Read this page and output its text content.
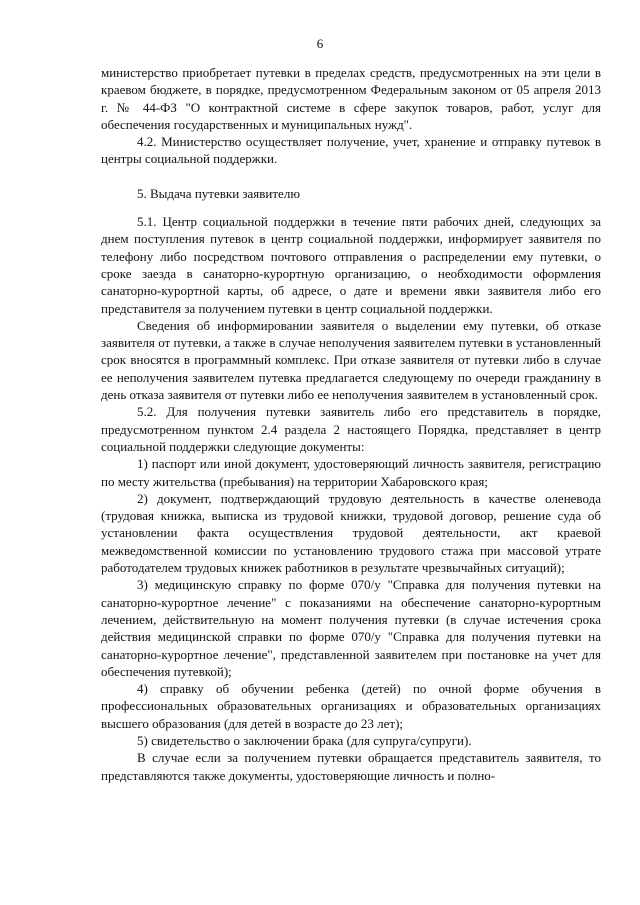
6

министерство приобретает путевки в пределах средств, предусмотренных на эти цели в краевом бюджете, в порядке, предусмотренном Федеральным законом от 05 апреля 2013 г. № 44-ФЗ "О контрактной системе в сфере закупок товаров, работ, услуг для обеспечения государственных и муниципальных нужд".

4.2. Министерство осуществляет получение, учет, хранение и отправку путевок в центры социальной поддержки.

5. Выдача путевки заявителю

5.1. Центр социальной поддержки в течение пяти рабочих дней, следующих за днем поступления путевок в центр социальной поддержки, информирует заявителя по телефону либо посредством почтового отправления о распределении ему путевки, о сроке заезда в санаторно-курортную организацию, о необходимости оформления санаторно-курортной карты, об адресе, о дате и времени явки заявителя либо его представителя за получением путевки в центр социальной поддержки.

Сведения об информировании заявителя о выделении ему путевки, об отказе заявителя от путевки, а также в случае неполучения заявителем путевки в установленный срок вносятся в программный комплекс. При отказе заявителя от путевки либо в случае ее неполучения заявителем путевка предлагается следующему по очереди гражданину в день отказа заявителя от путевки либо ее неполучения заявителем в установленный срок.

5.2. Для получения путевки заявитель либо его представитель в порядке, предусмотренном пунктом 2.4 раздела 2 настоящего Порядка, представляет в центр социальной поддержки следующие документы:

1) паспорт или иной документ, удостоверяющий личность заявителя, регистрацию по месту жительства (пребывания) на территории Хабаровского края;

2) документ, подтверждающий трудовую деятельность в качестве оленевода (трудовая книжка, выписка из трудовой книжки, трудовой договор, решение суда об установлении факта осуществления трудовой деятельности, акт краевой межведомственной комиссии по установлению трудового стажа при массовой утрате работодателем трудовых книжек работников в результате чрезвычайных ситуаций);

3) медицинскую справку по форме 070/у "Справка для получения путевки на санаторно-курортное лечение" с показаниями на обеспечение санаторно-курортным лечением, действительную на момент получения путевки (в случае истечения срока действия медицинской справки по форме 070/у "Справка для получения путевки на санаторно-курортное лечение", представленной заявителем при постановке на учет для обеспечения путевкой);

4) справку об обучении ребенка (детей) по очной форме обучения в профессиональных образовательных организациях и образовательных организациях высшего образования (для детей в возрасте до 23 лет);

5) свидетельство о заключении брака (для супруга/супруги).

В случае если за получением путевки обращается представитель заявителя, то представляются также документы, удостоверяющие личность и полно-
